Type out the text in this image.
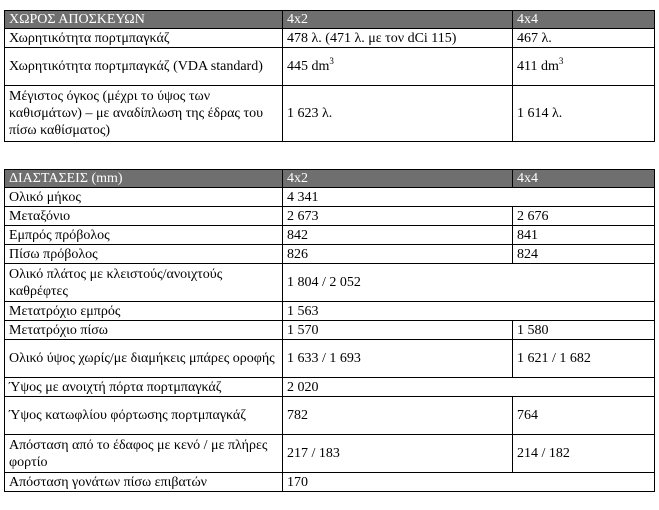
ΧΩΡΟΣ ΑΠΟΣΚΕΥΩΝ	4x2	4x4
Χωρητικότητα πορτμπαγκάζ	478 λ. (471 λ. με τον dCi 115)	467 λ.
Χωρητικότητα πορτμπαγκάζ (VDA standard)	445 $dm^3$	411 $dm^3$
Μέγιστος όγκος (μέχρι το ύψος των καθισμάτων) – με αναδίπλωση της έδρας του πίσω καθίσματος)	1 623 λ.	1 614 λ.
ΔΙΑΣΤΑΣΕΙΣ (mm)	4x2	4x4
Ολικό μήκος	4 341	
Μεταξόνιο	2 673	2 676
Εμπρός πρόβολος	842	841
Πίσω πρόβολος	826	824
Ολικό πλάτος με κλειστούς/ανοιχτούς καθρέφτες	1 804 / 2 052	
Μετατρόχιο εμπρός	1 563	
Μετατρόχιο πίσω	1 570	1 580
Ολικό ύψος χωρίς/με διαμήκεις μπάρες οροφής	1 633 / 1 693	1 621 / 1 682
Ύψος με ανοιχτή πόρτα πορτμπαγκάζ	2 020	
Ύψος κατωφλίου φόρτωσης πορτμπαγκάζ	782	764
Απόσταση από το έδαφος με κενό / με πλήρες φορτίο	217 / 183	214 / 182
Απόσταση γονάτων πίσω επιβατών	170	
